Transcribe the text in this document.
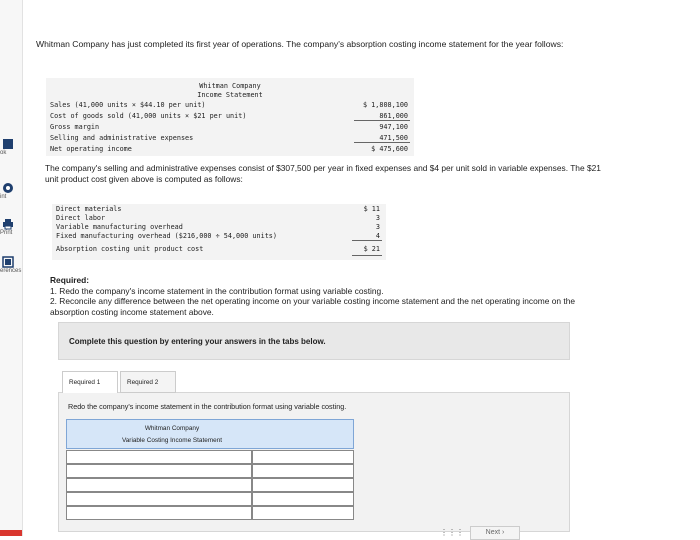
ok
int
Print
erences
Whitman Company has just completed its first year of operations. The company's absorption costing income statement for the year follows:
Whitman Company
Income Statement
Sales (41,000 units × $44.10 per unit)	$ 1,808,100
Cost of goods sold (41,000 units × $21 per unit)	861,000
Gross margin	947,100
Selling and administrative expenses	471,500
Net operating income	$ 475,600
The company's selling and administrative expenses consist of $307,500 per year in fixed expenses and $4 per unit sold in variable expenses. The $21 unit product cost given above is computed as follows:
Direct materials	$ 11
Direct labor	3
Variable manufacturing overhead	3
Fixed manufacturing overhead ($216,000 ÷ 54,000 units)	4
Absorption costing unit product cost	$ 21
Required:
1. Redo the company's income statement in the contribution format using variable costing.
2. Reconcile any difference between the net operating income on your variable costing income statement and the net operating income on the absorption costing income statement above.
Complete this question by entering your answers in the tabs below.
Required 1	Required 2
Redo the company's income statement in the contribution format using variable costing.
Whitman Company
Variable Costing Income Statement
⋮⋮⋮	Next ›
